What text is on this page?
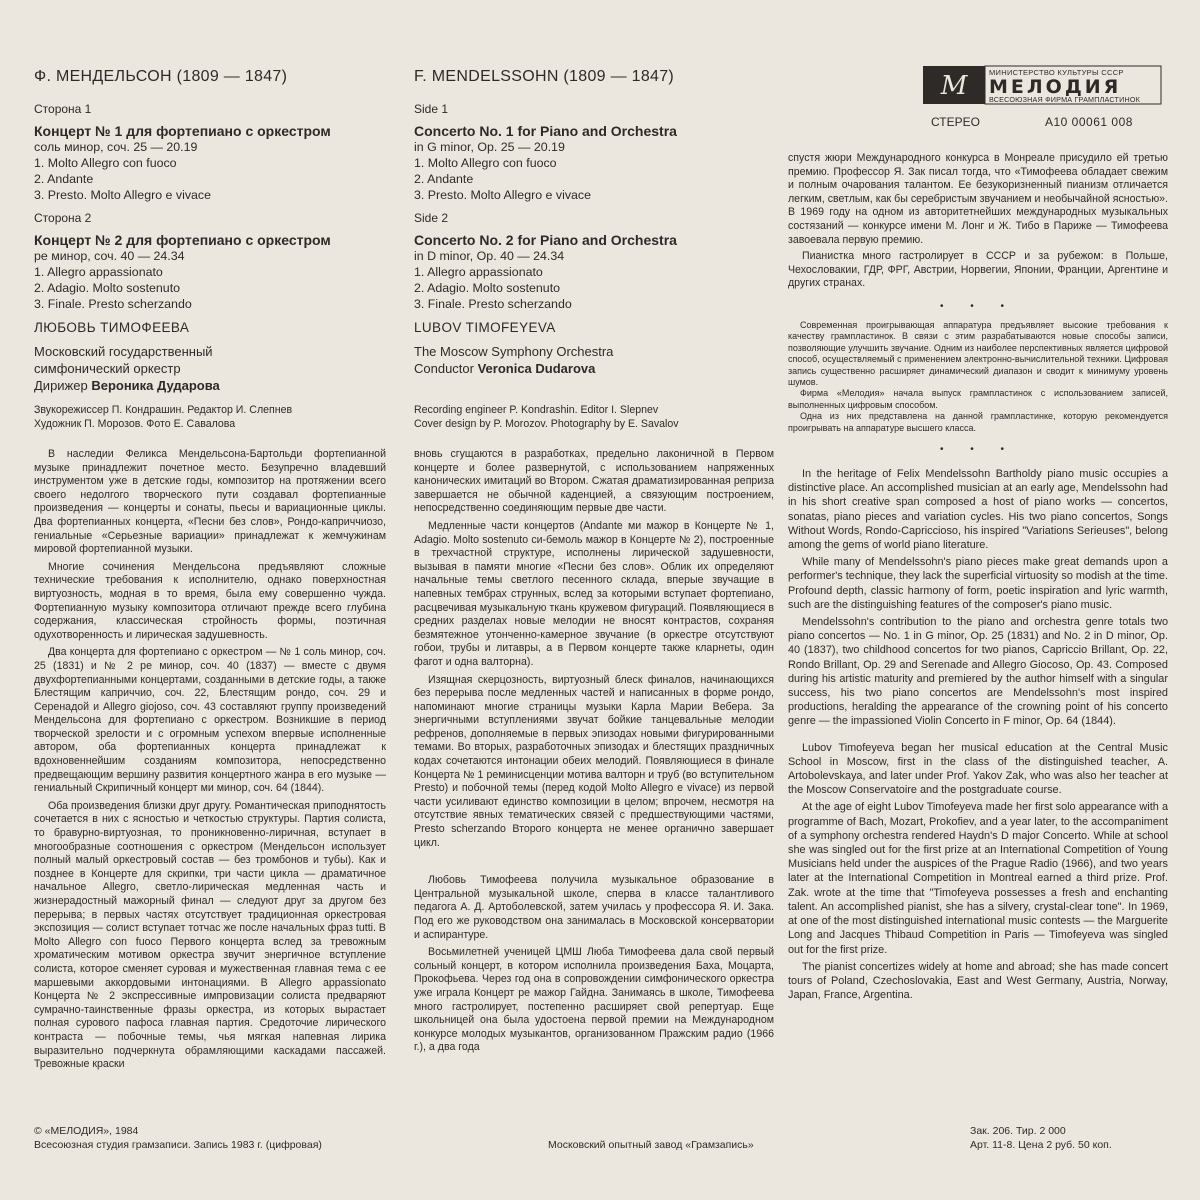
Ф. МЕНДЕЛЬСОН (1809 — 1847)
Сторона 1
Концерт № 1 для фортепиано с оркестром
соль минор, соч. 25 — 20.19
1. Molto Allegro con fuoco
2. Andante
3. Presto. Molto Allegro e vivace
Сторона 2
Концерт № 2 для фортепиано с оркестром
ре минор, соч. 40 — 24.34
1. Allegro appassionato
2. Adagio. Molto sostenuto
3. Finale. Presto scherzando
ЛЮБОВЬ ТИМОФЕЕВА
Московский государственный
симфонический оркестр
Дирижер Вероника Дударова
Звукорежиссер П. Кондрашин. Редактор И. Слепнев
Художник П. Морозов. Фото Е. Савалова
F. MENDELSSOHN (1809 — 1847)
Side 1
Concerto No. 1 for Piano and Orchestra
in G minor, Op. 25 — 20.19
1. Molto Allegro con fuoco
2. Andante
3. Presto. Molto Allegro e vivace
Side 2
Concerto No. 2 for Piano and Orchestra
in D minor, Op. 40 — 24.34
1. Allegro appassionato
2. Adagio. Molto sostenuto
3. Finale. Presto scherzando
LUBOV TIMOFEYEVA
The Moscow Symphony Orchestra
Conductor Veronica Dudarova
Recording engineer P. Kondrashin. Editor I. Slepnev
Cover design by P. Morozov. Photography by E. Savalov
M	МИНИСТЕРСТВО КУЛЬТУРЫ СССР
МЕЛОДИЯ
ВСЕСОЮЗНАЯ ФИРМА ГРАМПЛАСТИНОК
СТЕРЕО	А10 00061 008
В наследии Феликса Мендельсона-Бартольди фортепианной музыке принадлежит почетное место. Безупречно владевший инструментом уже в детские годы, композитор на протяжении всего своего недолгого творческого пути создавал фортепианные произведения — концерты и сонаты, пьесы и вариационные циклы. Два фортепианных концерта, «Песни без слов», Рондо-каприччиозо, гениальные «Серьезные вариации» принадлежат к жемчужинам мировой фортепианной музыки.
Многие сочинения Мендельсона предъявляют сложные технические требования к исполнителю, однако поверхностная виртуозность, модная в то время, была ему совершенно чужда. Фортепианную музыку композитора отличают прежде всего глубина содержания, классическая стройность формы, поэтичная одухотворенность и лирическая задушевность.
Два концерта для фортепиано с оркестром — № 1 соль минор, соч. 25 (1831) и № 2 ре минор, соч. 40 (1837) — вместе с двумя двухфортепианными концертами, созданными в детские годы, а также Блестящим каприччио, соч. 22, Блестящим рондо, соч. 29 и Серенадой и Allegro giojoso, соч. 43 составляют группу произведений Мендельсона для фортепиано с оркестром. Возникшие в период творческой зрелости и с огромным успехом впервые исполненные автором, оба фортепианных концерта принадлежат к вдохновеннейшим созданиям композитора, непосредственно предвещающим вершину развития концертного жанра в его музыке — гениальный Скрипичный концерт ми минор, соч. 64 (1844).
Оба произведения близки друг другу. Романтическая приподнятость сочетается в них с ясностью и четкостью структуры. Партия солиста, то бравурно-виртуозная, то проникновенно-лиричная, вступает в многообразные соотношения с оркестром (Мендельсон использует полный малый оркестровый состав — без тромбонов и тубы). Как и позднее в Концерте для скрипки, три части цикла — драматичное начальное Allegro, светло-лирическая медленная часть и жизнерадостный мажорный финал — следуют друг за другом без перерыва; в первых частях отсутствует традиционная оркестровая экспозиция — солист вступает тотчас же после начальных фраз tutti. В Molto Allegro con fuoco Первого концерта вслед за тревожным хроматическим мотивом оркестра звучит энергичное вступление солиста, которое сменяет суровая и мужественная главная тема с ее маршевыми аккордовыми интонациями. В Allegro appassionato Концерта № 2 экспрессивные импровизации солиста предваряют сумрачно-таинственные фразы оркестра, из которых вырастает полная сурового пафоса главная партия. Средоточие лирического контраста — побочные темы, чья мягкая напевная лирика выразительно подчеркнута обрамляющими каскадами пассажей. Тревожные краски
вновь сгущаются в разработках, предельно лаконичной в Первом концерте и более развернутой, с использованием напряженных канонических имитаций во Втором. Сжатая драматизированная реприза завершается не обычной каденцией, а связующим построением, непосредственно соединяющим первые две части.
Медленные части концертов (Andante ми мажор в Концерте № 1, Adagio. Molto sostenuto си-бемоль мажор в Концерте № 2), построенные в трехчастной структуре, исполнены лирической задушевности, вызывая в памяти многие «Песни без слов». Облик их определяют начальные темы светлого песенного склада, вперые звучащие в напевных тембрах струнных, вслед за которыми вступает фортепиано, расцвечивая музыкальную ткань кружевом фигураций. Появляющиеся в средних разделах новые мелодии не вносят контрастов, сохраняя безмятежное утонченно-камерное звучание (в оркестре отсутствуют гобои, трубы и литавры, а в Первом концерте также кларнеты, один фагот и одна валторна).
Изящная скерцозность, виртуозный блеск финалов, начинающихся без перерыва после медленных частей и написанных в форме рондо, напоминают многие страницы музыки Карла Марии Вебера. За энергичными вступлениями звучат бойкие танцевальные мелодии рефренов, дополняемые в первых эпизодах новыми фигурированными темами. Во вторых, разработочных эпизодах и блестящих праздничных кодах сочетаются интонации обеих мелодий. Появляющиеся в финале Концерта № 1 реминисценции мотива валторн и труб (во вступительном Presto) и побочной темы (перед кодой Molto Allegro e vivace) из первой части усиливают единство композиции в целом; впрочем, несмотря на отсутствие явных тематических связей с предшествующими частями, Presto scherzando Второго концерта не менее органично завершает цикл.
Любовь Тимофеева получила музыкальное образование в Центральной музыкальной школе, сперва в классе талантливого педагога А. Д. Артоболевской, затем училась у профессора Я. И. Зака. Под его же руководством она занималась в Московской консерватории и аспирантуре.
Восьмилетней ученицей ЦМШ Люба Тимофеева дала свой первый сольный концерт, в котором исполнила произведения Баха, Моцарта, Прокофьева. Через год она в сопровождении симфонического оркестра уже играла Концерт ре мажор Гайдна. Занимаясь в школе, Тимофеева много гастролирует, постепенно расширяет свой репертуар. Еще школьницей она была удостоена первой премии на Международном конкурсе молодых музыкантов, организованном Пражским радио (1966 г.), а два года
спустя жюри Международного конкурса в Монреале присудило ей третью премию. Профессор Я. Зак писал тогда, что «Тимофеева обладает свежим и полным очарования талантом. Ее безукоризненный пианизм отличается легким, светлым, как бы серебристым звучанием и необычайной ясностью». В 1969 году на одном из авторитетнейших международных музыкальных состязаний — конкурсе имени М. Лонг и Ж. Тибо в Париже — Тимофеева завоевала первую премию.
Пианистка много гастролирует в СССР и за рубежом: в Польше, Чехословакии, ГДР, ФРГ, Австрии, Норвегии, Японии, Франции, Аргентине и других странах.
• • •
Современная проигрывающая аппаратура предъявляет высокие требования к качеству грампластинок. В связи с этим разрабатываются новые способы записи, позволяющие улучшить звучание. Одним из наиболее перспективных является цифровой способ, осуществляемый с применением электронно-вычислительной техники. Цифровая запись существенно расширяет динамический диапазон и сводит к минимуму уровень шумов.
Фирма «Мелодия» начала выпуск грампластинок с использованием записей, выполненных цифровым способом.
Одна из них представлена на данной грампластинке, которую рекомендуется проигрывать на аппаратуре высшего класса.
• • •
In the heritage of Felix Mendelssohn Bartholdy piano music occupies a distinctive place. An accomplished musician at an early age, Mendelssohn had in his short creative span composed a host of piano works — concertos, sonatas, piano pieces and variation cycles. His two piano concertos, Songs Without Words, Rondo-Capriccioso, his inspired "Variations Serieuses", belong among the gems of world piano literature.
While many of Mendelssohn's piano pieces make great demands upon a performer's technique, they lack the superficial virtuosity so modish at the time. Profound depth, classic harmony of form, poetic inspiration and lyric warmth, such are the distinguishing features of the composer's piano music.
Mendelssohn's contribution to the piano and orchestra genre totals two piano concertos — No. 1 in G minor, Op. 25 (1831) and No. 2 in D minor, Op. 40 (1837), two childhood concertos for two pianos, Capriccio Brillant, Op. 22, Rondo Brillant, Op. 29 and Serenade and Allegro Giocoso, Op. 43. Composed during his artistic maturity and premiered by the author himself with a singular success, his two piano concertos are Mendelssohn's most inspired productions, heralding the appearance of the crowning point of his concerto genre — the impassioned Violin Concerto in F minor, Op. 64 (1844).
Lubov Timofeyeva began her musical education at the Central Music School in Moscow, first in the class of the distinguished teacher, A. Artobolevskaya, and later under Prof. Yakov Zak, who was also her teacher at the Moscow Conservatoire and the postgraduate course.
At the age of eight Lubov Timofeyeva made her first solo appearance with a programme of Bach, Mozart, Prokofiev, and a year later, to the accompaniment of a symphony orchestra rendered Haydn's D major Concerto. While at school she was singled out for the first prize at an International Competition of Young Musicians held under the auspices of the Prague Radio (1966), and two years later at the International Competition in Montreal earned a third prize. Prof. Zak. wrote at the time that "Timofeyeva possesses a fresh and enchanting talent. An accomplished pianist, she has a silvery, crystal-clear tone". In 1969, at one of the most distinguished international music contests — the Marguerite Long and Jacques Thibaud Competition in Paris — Timofeyeva was singled out for the first prize.
The pianist concertizes widely at home and abroad; she has made concert tours of Poland, Czechoslovakia, East and West Germany, Austria, Norway, Japan, France, Argentina.
© «МЕЛОДИЯ», 1984
Всесоюзная студия грамзаписи. Запись 1983 г. (цифровая)	Московский опытный завод «Грамзапись»
Зак. 206. Тир. 2 000
Арт. 11-8. Цена 2 руб. 50 коп.
